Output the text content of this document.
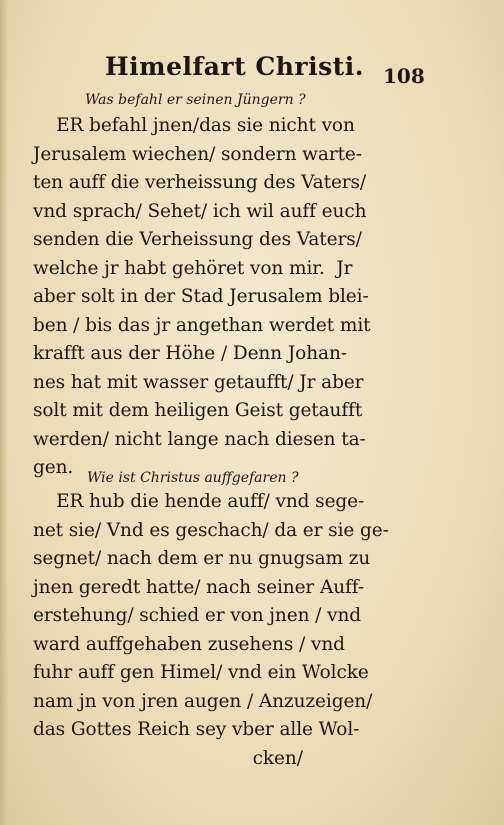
Himelfart Christi. 108
Was befahl er seinen Jüngern ?
ER befahl jnen/das sie nicht von
Jerusalem wiechen/ sondern warte-
ten auff die verheissung des Vaters/
vnd sprach/ Sehet/ ich wil auff euch
senden die Verheissung des Vaters/
welche jr habt gehöret von mir.  Jr
aber solt in der Stad Jerusalem blei-
ben / bis das jr angethan werdet mit
krafft aus der Höhe / Denn Johan-
nes hat mit wasser getaufft/ Jr aber
solt mit dem heiligen Geist getaufft
werden/ nicht lange nach diesen ta-
gen. Wie ist Christus auffgefaren ?
ER hub die hende auff/ vnd sege-
net sie/ Vnd es geschach/ da er sie ge-
segnet/ nach dem er nu gnugsam zu
jnen geredt hatte/ nach seiner Auff-
erstehung/ schied er von jnen / vnd
ward auffgehaben zusehens / vnd
fuhr auff gen Himel/ vnd ein Wolcke
nam jn von jren augen / Anzuzeigen/
das Gottes Reich sey vber alle Wol-
cken/
